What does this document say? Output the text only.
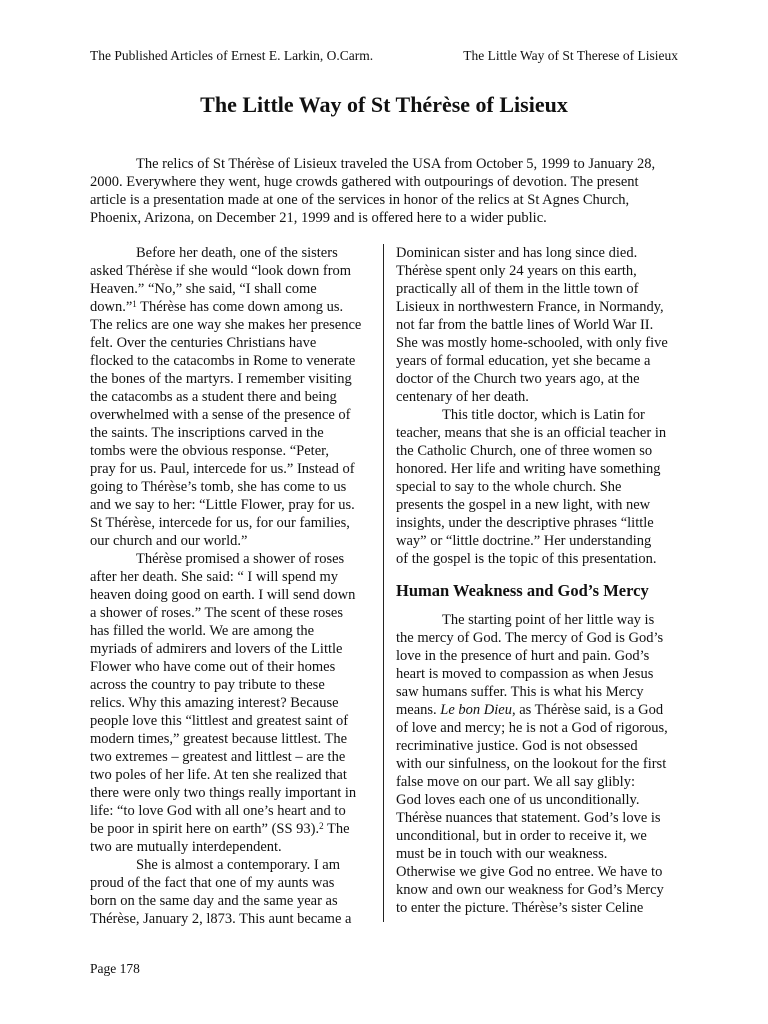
The Published Articles of Ernest E. Larkin, O.Carm.	The Little Way of St Therese of Lisieux
The Little Way of St Thérèse of Lisieux
The relics of St Thérèse of Lisieux traveled the USA from October 5, 1999 to January 28,
2000. Everywhere they went, huge crowds gathered with outpourings of devotion. The present
article is a presentation made at one of the services in honor of the relics at St Agnes Church,
Phoenix, Arizona, on December 21, 1999 and is offered here to a wider public.
Before her death, one of the sisters
asked Thérèse if she would “look down from
Heaven.” “No,” she said, “I shall come
down.”$^1$ Thérèse has come down among us.
The relics are one way she makes her presence
felt. Over the centuries Christians have
flocked to the catacombs in Rome to venerate
the bones of the martyrs. I remember visiting
the catacombs as a student there and being
overwhelmed with a sense of the presence of
the saints. The inscriptions carved in the
tombs were the obvious response. “Peter,
pray for us. Paul, intercede for us.” Instead of
going to Thérèse’s tomb, she has come to us
and we say to her: “Little Flower, pray for us.
St Thérèse, intercede for us, for our families,
our church and our world.”
Thérèse promised a shower of roses
after her death. She said: “ I will spend my
heaven doing good on earth. I will send down
a shower of roses.” The scent of these roses
has filled the world. We are among the
myriads of admirers and lovers of the Little
Flower who have come out of their homes
across the country to pay tribute to these
relics. Why this amazing interest? Because
people love this “littlest and greatest saint of
modern times,” greatest because littlest. The
two extremes – greatest and littlest – are the
two poles of her life. At ten she realized that
there were only two things really important in
life: “to love God with all one’s heart and to
be poor in spirit here on earth” (SS 93).$^2$ The
two are mutually interdependent.
She is almost a contemporary. I am
proud of the fact that one of my aunts was
born on the same day and the same year as
Thérèse, January 2, l873. This aunt became a
Dominican sister and has long since died.
Thérèse spent only 24 years on this earth,
practically all of them in the little town of
Lisieux in northwestern France, in Normandy,
not far from the battle lines of World War II.
She was mostly home-schooled, with only five
years of formal education, yet she became a
doctor of the Church two years ago, at the
centenary of her death.
This title doctor, which is Latin for
teacher, means that she is an official teacher in
the Catholic Church, one of three women so
honored. Her life and writing have something
special to say to the whole church. She
presents the gospel in a new light, with new
insights, under the descriptive phrases “little
way” or “little doctrine.” Her understanding
of the gospel is the topic of this presentation.
Human Weakness and God’s Mercy
The starting point of her little way is
the mercy of God. The mercy of God is God’s
love in the presence of hurt and pain. God’s
heart is moved to compassion as when Jesus
saw humans suffer. This is what his Mercy
means. Le bon Dieu, as Thérèse said, is a God
of love and mercy; he is not a God of rigorous,
recriminative justice. God is not obsessed
with our sinfulness, on the lookout for the first
false move on our part. We all say glibly:
God loves each one of us unconditionally.
Thérèse nuances that statement. God’s love is
unconditional, but in order to receive it, we
must be in touch with our weakness.
Otherwise we give God no entree. We have to
know and own our weakness for God’s Mercy
to enter the picture. Thérèse’s sister Celine
Page 178
